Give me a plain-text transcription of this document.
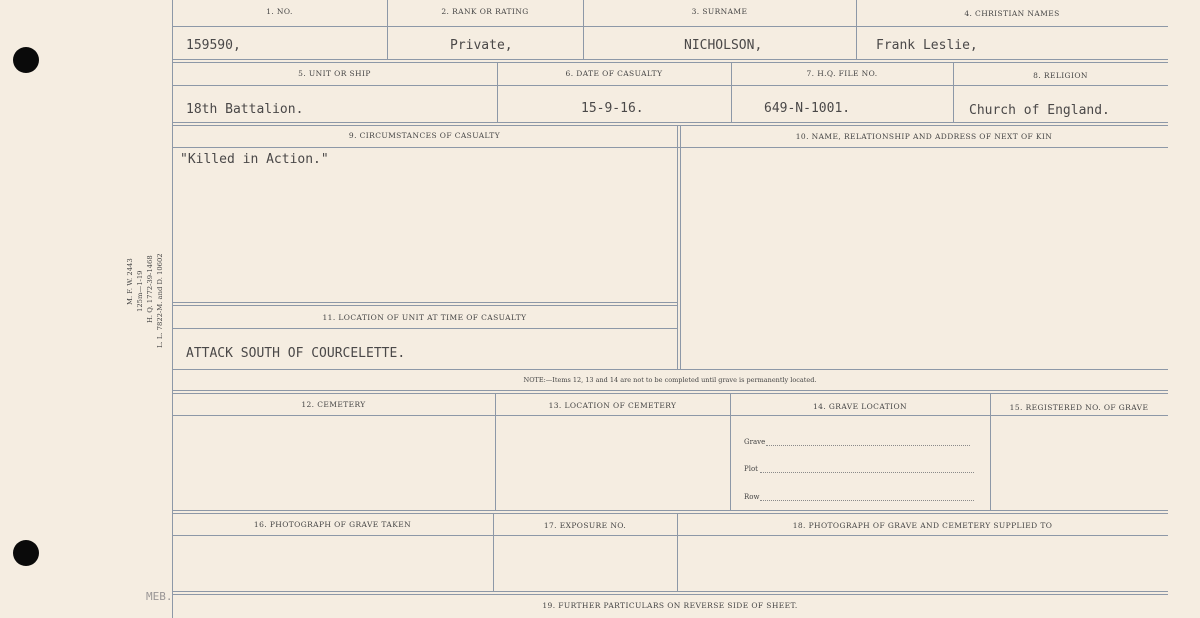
M. F. W. 2443 125m—1-19 H. Q. 1772-39-1468 L. L. 7822-M. and D. 10602
1. NO.	2. RANK OR RATING	3. SURNAME	4. CHRISTIAN NAMES
159590,	Private,	NICHOLSON,	Frank Leslie,
5. UNIT OR SHIP	6. DATE OF CASUALTY	7. H.Q. FILE NO.	8. RELIGION
18th Battalion.	15-9-16.	649-N-1001.	Church of England.
9. CIRCUMSTANCES OF CASUALTY	10. NAME, RELATIONSHIP AND ADDRESS OF NEXT OF KIN
"Killed in Action."
11. LOCATION OF UNIT AT TIME OF CASUALTY
ATTACK SOUTH OF COURCELETTE.
NOTE:—Items 12, 13 and 14 are not to be completed until grave is permanently located.
12. CEMETERY	13. LOCATION OF CEMETERY	14. GRAVE LOCATION	15. REGISTERED NO. OF GRAVE
Grave
Plot
Row
16. PHOTOGRAPH OF GRAVE TAKEN	17. EXPOSURE NO.	18. PHOTOGRAPH OF GRAVE AND CEMETERY SUPPLIED TO
19. FURTHER PARTICULARS ON REVERSE SIDE OF SHEET.
MEB.
